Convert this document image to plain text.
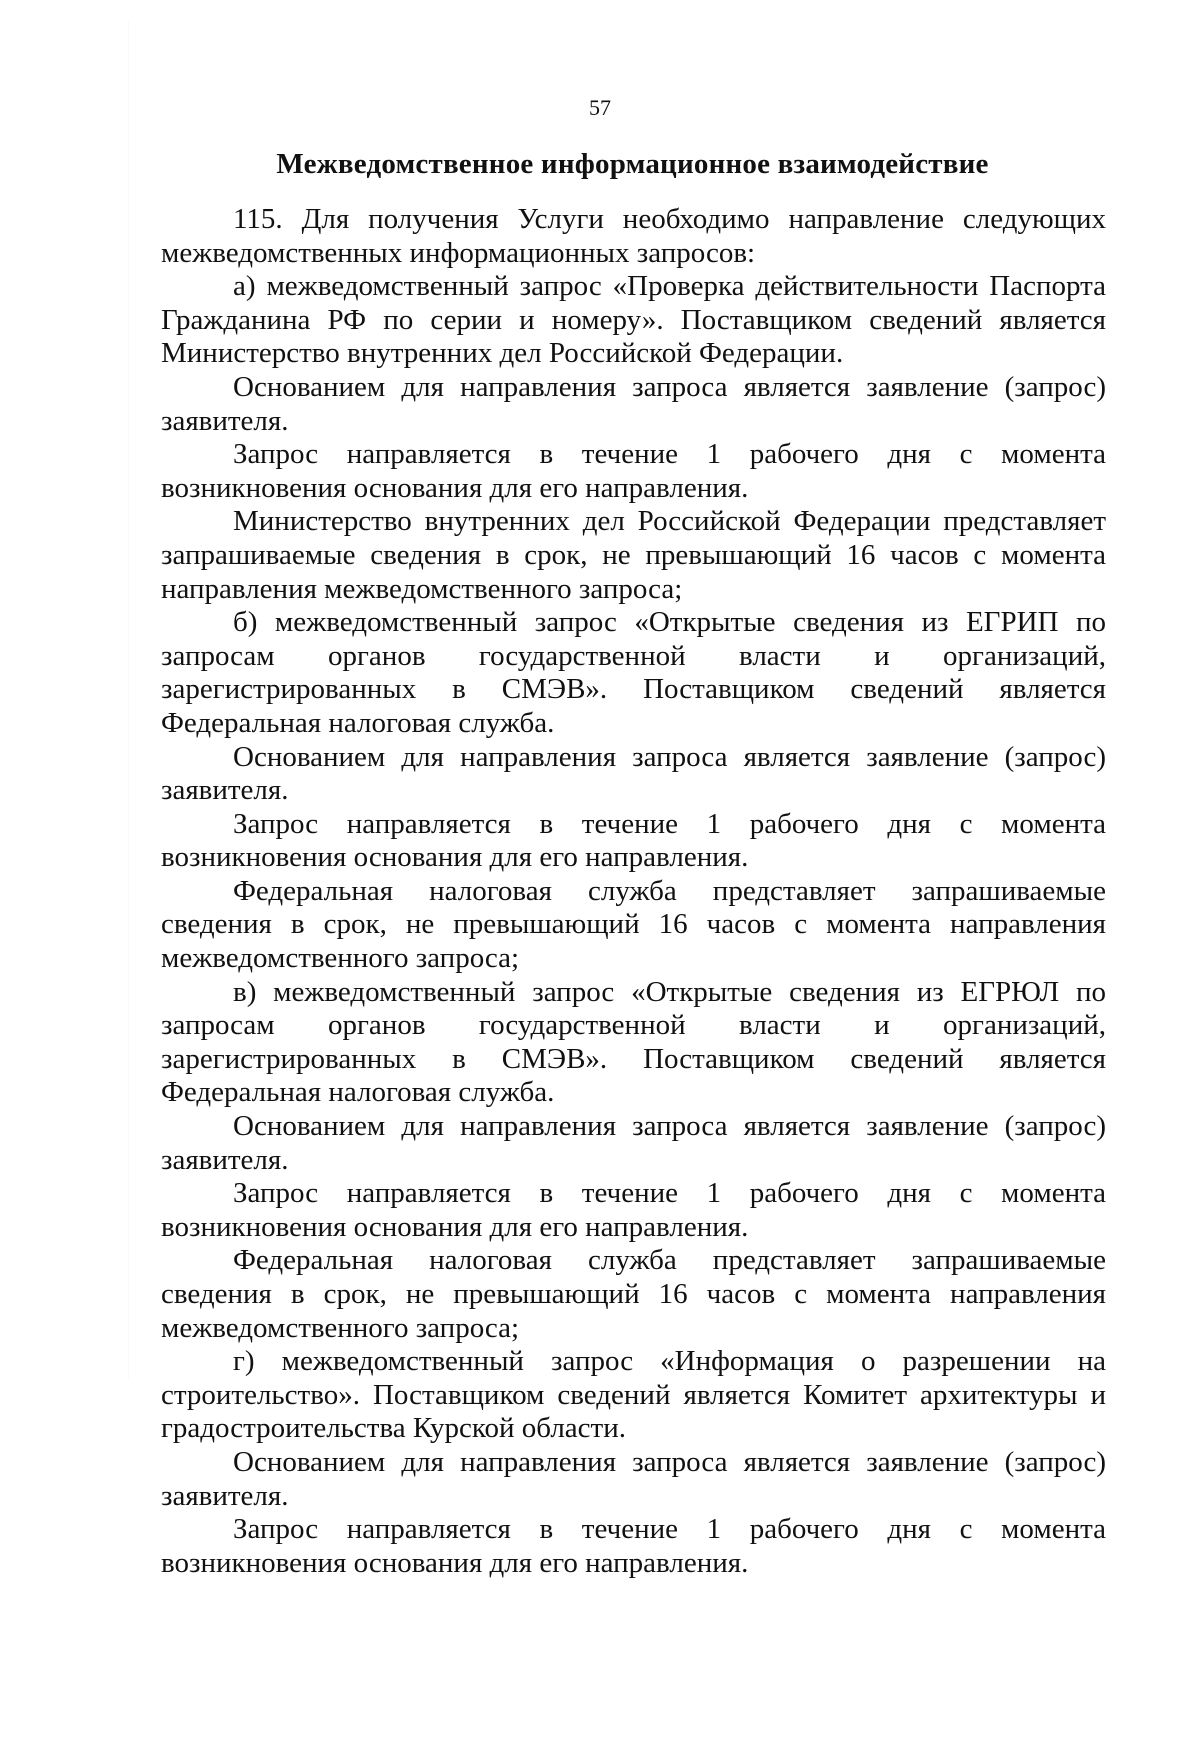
57
Межведомственное информационное взаимодействие

115. Для получения Услуги необходимо направление следующих межведомственных информационных запросов:

а) межведомственный запрос «Проверка действительности Паспорта Гражданина РФ по серии и номеру». Поставщиком сведений является Министерство внутренних дел Российской Федерации.

Основанием для направления запроса является заявление (запрос) заявителя.

Запрос направляется в течение 1 рабочего дня с момента возникновения основания для его направления.

Министерство внутренних дел Российской Федерации представляет запрашиваемые сведения в срок, не превышающий 16 часов с момента направления межведомственного запроса;

б) межведомственный запрос «Открытые сведения из ЕГРИП по запросам органов государственной власти и организаций, зарегистрированных в СМЭВ». Поставщиком сведений является Федеральная налоговая служба.

Основанием для направления запроса является заявление (запрос) заявителя.

Запрос направляется в течение 1 рабочего дня с момента возникновения основания для его направления.

Федеральная налоговая служба представляет запрашиваемые сведения в срок, не превышающий 16 часов с момента направления межведомственного запроса;

в) межведомственный запрос «Открытые сведения из ЕГРЮЛ по запросам органов государственной власти и организаций, зарегистрированных в СМЭВ». Поставщиком сведений является Федеральная налоговая служба.

Основанием для направления запроса является заявление (запрос) заявителя.

Запрос направляется в течение 1 рабочего дня с момента возникновения основания для его направления.

Федеральная налоговая служба представляет запрашиваемые сведения в срок, не превышающий 16 часов с момента направления межведомственного запроса;

г) межведомственный запрос «Информация о разрешении на строительство». Поставщиком сведений является Комитет архитектуры и градостроительства Курской области.

Основанием для направления запроса является заявление (запрос) заявителя.

Запрос направляется в течение 1 рабочего дня с момента возникновения основания для его направления.
